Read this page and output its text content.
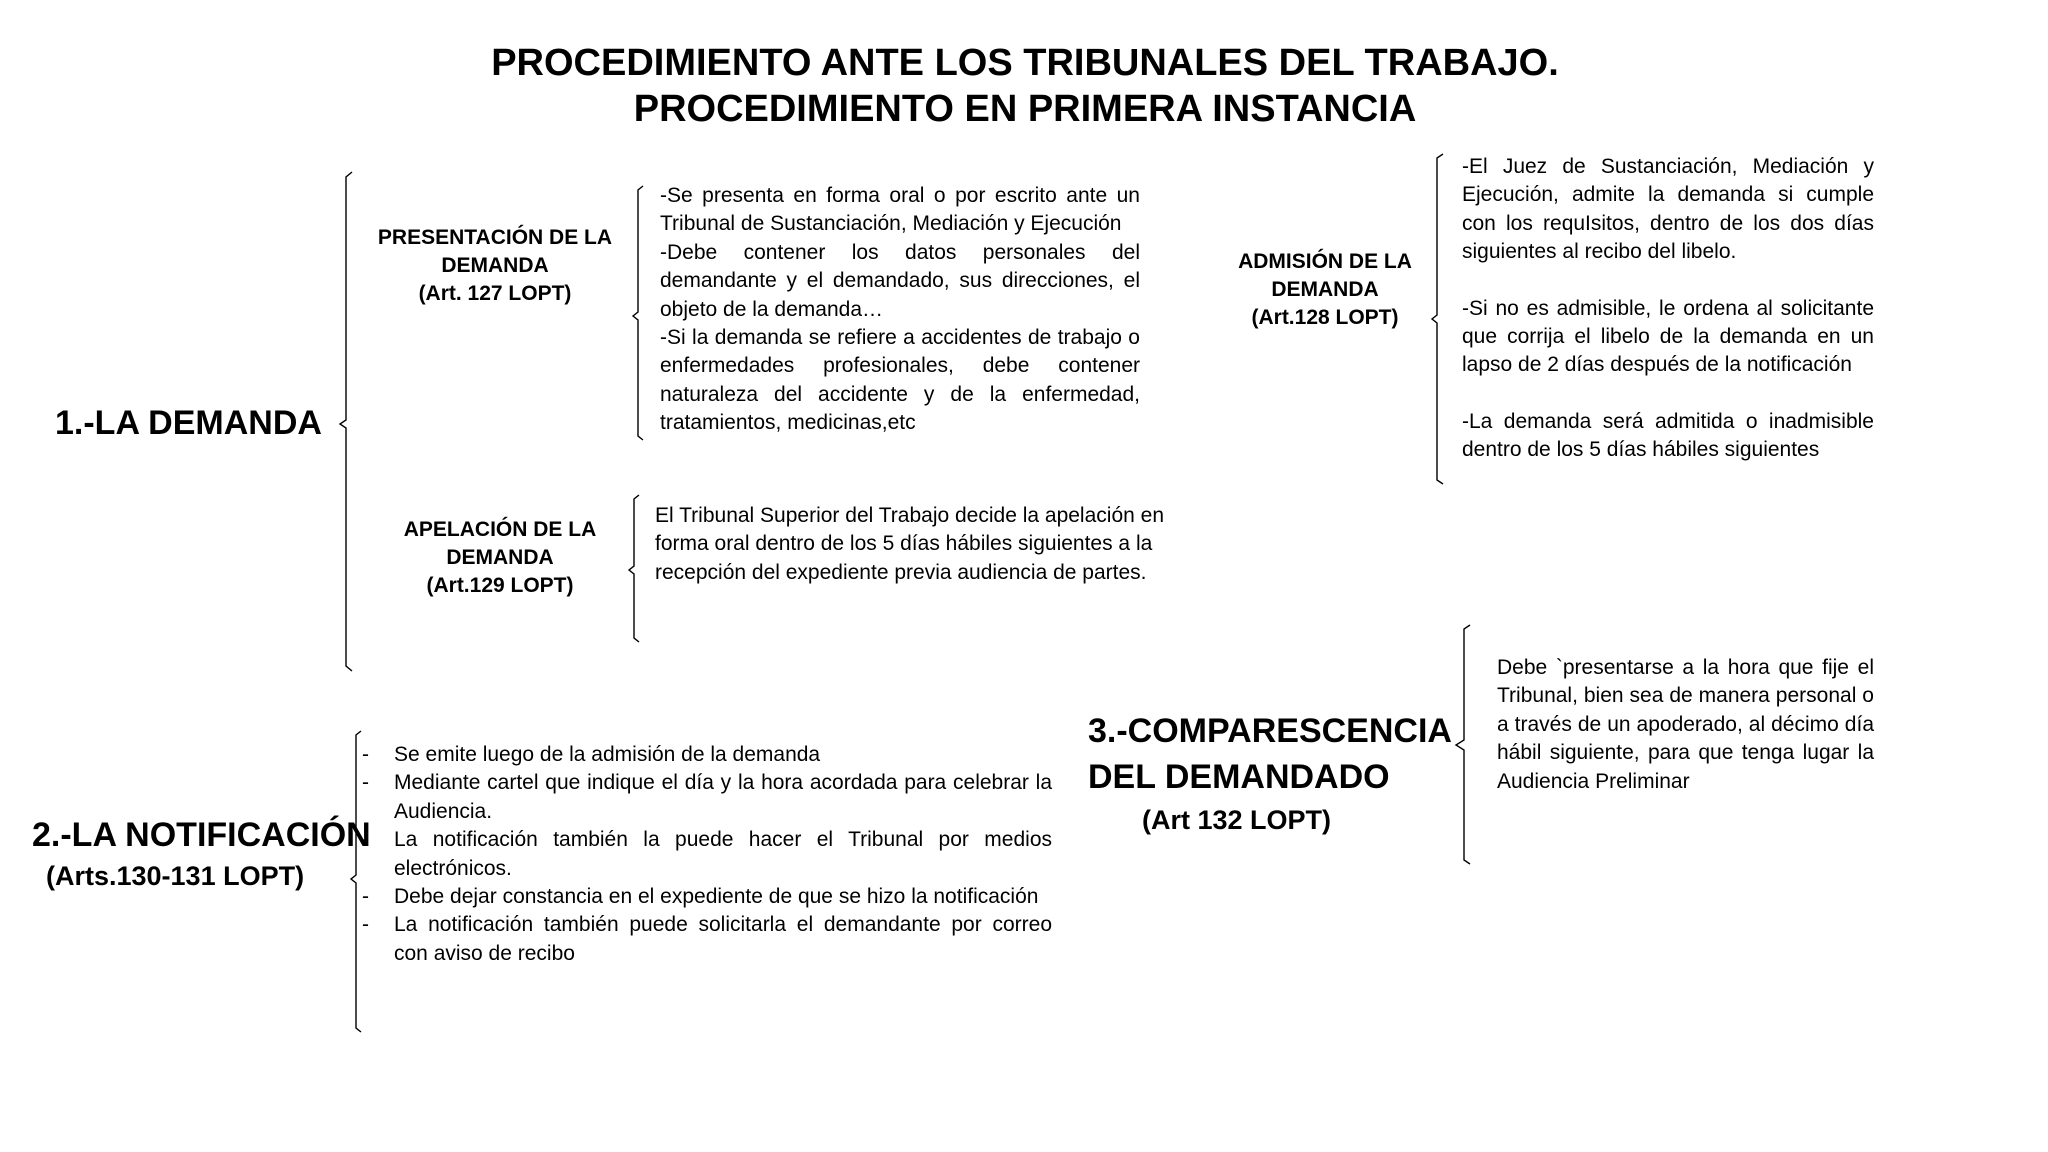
PROCEDIMIENTO ANTE LOS TRIBUNALES DEL TRABAJO.
PROCEDIMIENTO EN PRIMERA INSTANCIA
1.-LA DEMANDA
PRESENTACIÓN DE LA
DEMANDA
(Art. 127 LOPT)

-Se presenta en forma oral o por escrito ante un Tribunal de Sustanciación, Mediación y Ejecución

-Debe contener los datos personales del demandante y el demandado, sus direcciones, el objeto de la demanda…

-Si la demanda se refiere a accidentes de trabajo o enfermedades profesionales, debe contener naturaleza del accidente y de la enfermedad, tratamientos, medicinas,etc

APELACIÓN DE LA
DEMANDA
(Art.129 LOPT)
El Tribunal Superior del Trabajo decide la apelación en forma oral dentro de los 5 días hábiles siguientes a la recepción del expediente previa audiencia de partes.
ADMISIÓN DE LA
DEMANDA
(Art.128 LOPT)

-El Juez de Sustanciación, Mediación y Ejecución, admite la demanda si cumple con los requIsitos, dentro de los dos días siguientes al recibo del libelo.

-Si no es admisible, le ordena al solicitante que corrija el libelo de la demanda en un lapso de 2 días después de la notificación

-La demanda será admitida o inadmisible dentro de los 5 días hábiles siguientes

2.-LA NOTIFICACIÓN
(Arts.130-131 LOPT)
- Se emite luego de la admisión de la demanda
- Mediante cartel que indique el día y la hora acordada para celebrar la Audiencia.
- La notificación también la puede hacer el Tribunal por medios electrónicos.
- Debe dejar constancia en el expediente de que se hizo la notificación
- La notificación también puede solicitarla el demandante por correo con aviso de recibo
3.-COMPARESCENCIA
DEL DEMANDADO
(Art 132 LOPT)
Debe `presentarse a la hora que fije el Tribunal, bien sea de manera personal o a través de un apoderado, al décimo día hábil siguiente, para que tenga lugar la Audiencia Preliminar
